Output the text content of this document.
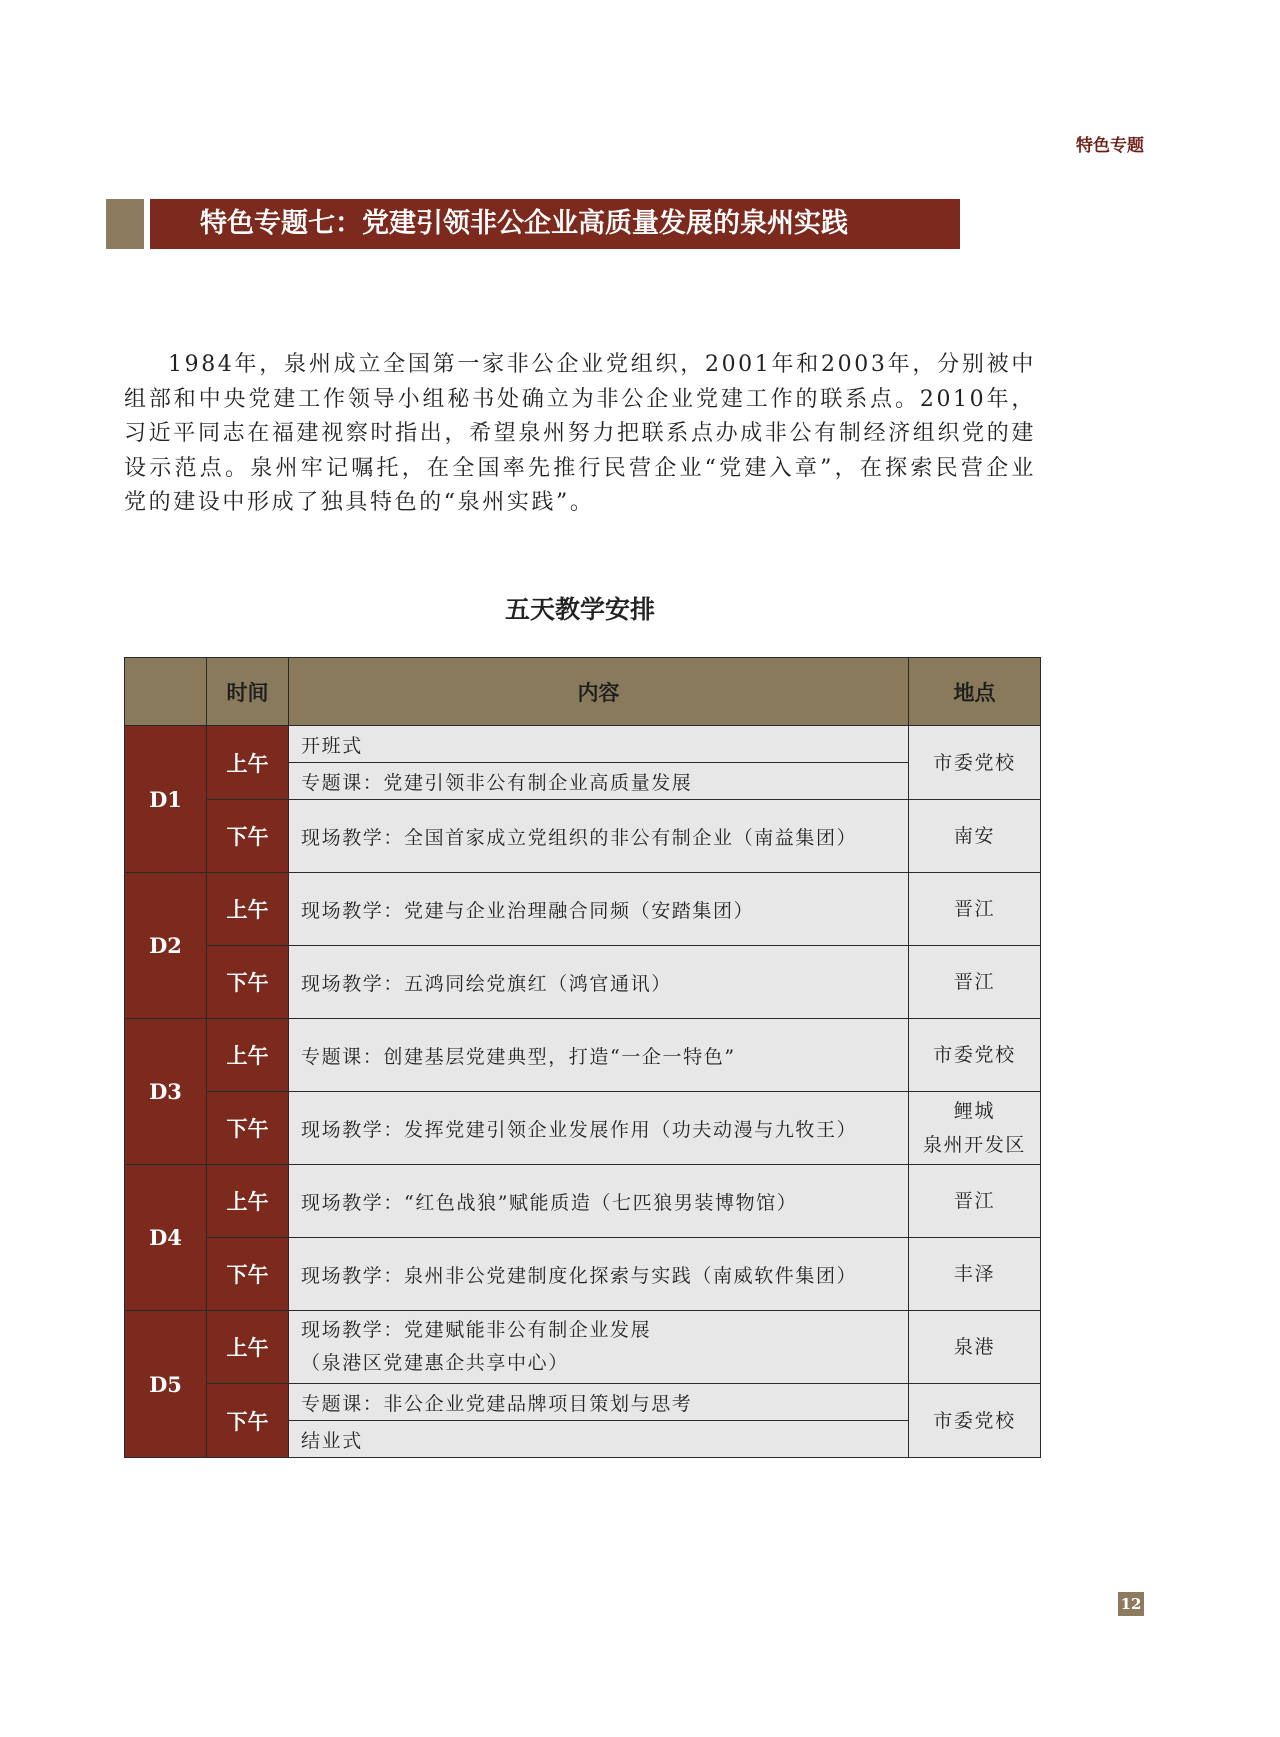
特色专题
特色专题七：党建引领非公企业高质量发展的泉州实践

1984年，泉州成立全国第一家非公企业党组织，2001年和2003年，分别被中组部和中央党建工作领导小组秘书处确立为非公企业党建工作的联系点。2010年，习近平同志在福建视察时指出，希望泉州努力把联系点办成非公有制经济组织党的建设示范点。泉州牢记嘱托，在全国率先推行民营企业“党建入章”，在探索民营企业党的建设中形成了独具特色的“泉州实践”。

五天教学安排
	时间	内容	地点
D1	上午	开班式	市委党校
		专题课：党建引领非公有制企业高质量发展	
	下午	现场教学：全国首家成立党组织的非公有制企业（南益集团）	南安
D2	上午	现场教学：党建与企业治理融合同频（安踏集团）	晋江
	下午	现场教学：五鸿同绘党旗红（鸿官通讯）	晋江
D3	上午	专题课：创建基层党建典型，打造“一企一特色”	市委党校
	下午	现场教学：发挥党建引领企业发展作用（功夫动漫与九牧王）	鲤城
泉州开发区

D4	上午	现场教学：“红色战狼”赋能质造（七匹狼男装博物馆）	晋江
	下午	现场教学：泉州非公党建制度化探索与实践（南威软件集团）	丰泽
D5	上午	现场教学：党建赋能非公有制企业发展
（泉港区党建惠企共享中心）	泉港
	下午	专题课：非公企业党建品牌项目策划与思考	市委党校
		结业式	
12
